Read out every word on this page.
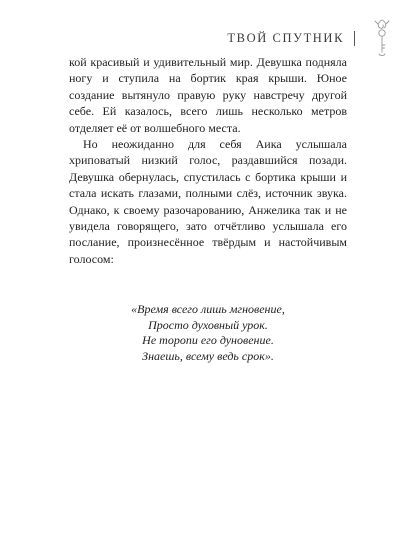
ТВОЙ СПУТНИК

кой красивый и удивительный мир. Девушка подняла ногу и ступила на бортик края крыши. Юное создание вытянуло правую руку навстречу другой себе. Ей казалось, всего лишь несколько метров отделяет её от волшебного места.

Но неожиданно для себя Аика услышала хриповатый низкий голос, раздавшийся позади. Девушка обернулась, спустилась с бортика крыши и стала искать глазами, полными слёз, источник звука. Однако, к своему разочарованию, Анжелика так и не увидела говорящего, зато отчётливо услышала его послание, произнесённое твёрдым и настойчивым голосом:

«Время всего лишь мгновение,
Просто духовный урок.
Не торопи его дуновение.
Знаешь, всему ведь срок».
